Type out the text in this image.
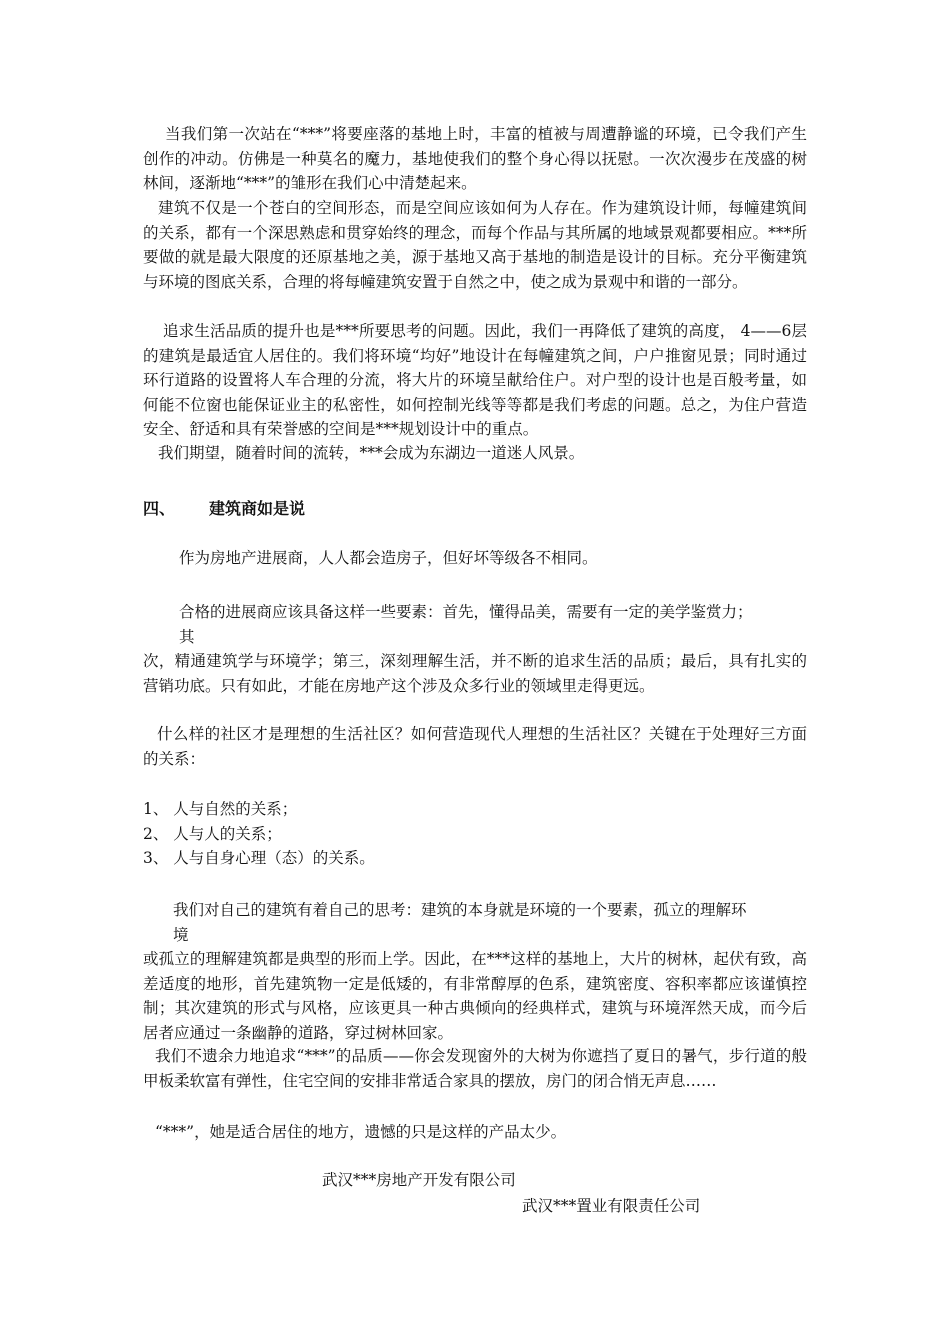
当我们第一次站在“***”将要座落的基地上时，丰富的植被与周遭静谧的环境，已令我们产生创作的冲动。仿佛是一种莫名的魔力，基地使我们的整个身心得以抚慰。一次次漫步在茂盛的树林间，逐渐地“***”的雏形在我们心中清楚起来。

建筑不仅是一个苍白的空间形态，而是空间应该如何为人存在。作为建筑设计师，每幢建筑间的关系，都有一个深思熟虑和贯穿始终的理念，而每个作品与其所属的地域景观都要相应。***所要做的就是最大限度的还原基地之美，源于基地又高于基地的制造是设计的目标。充分平衡建筑与环境的图底关系，合理的将每幢建筑安置于自然之中，使之成为景观中和谐的一部分。

追求生活品质的提升也是***所要思考的问题。因此，我们一再降低了建筑的高度， 4——6层的建筑是最适宜人居住的。我们将环境“均好”地设计在每幢建筑之间，户户推窗见景；同时通过环行道路的设置将人车合理的分流，将大片的环境呈献给住户。对户型的设计也是百般考量，如何能不位窗也能保证业主的私密性，如何控制光线等等都是我们考虑的问题。总之，为住户营造安全、舒适和具有荣誉感的空间是***规划设计中的重点。

我们期望，随着时间的流转，***会成为东湖边一道迷人风景。

四、 建筑商如是说

作为房地产进展商，人人都会造房子，但好坏等级各不相同。

合格的进展商应该具备这样一些要素：首先，懂得品美，需要有一定的美学鉴赏力；
其
次，精通建筑学与环境学；第三，深刻理解生活，并不断的追求生活的品质；最后，具有扎实的营销功底。只有如此，才能在房地产这个涉及众多行业的领域里走得更远。

什么样的社区才是理想的生活社区？如何营造现代人理想的生活社区？关键在于处理好三方面的关系：

1、 人与自然的关系；
2、 人与人的关系；
3、 人与自身心理（态）的关系。

我们对自己的建筑有着自己的思考：建筑的本身就是环境的一个要素，孤立的理解环
境
或孤立的理解建筑都是典型的形而上学。因此，在***这样的基地上，大片的树林，起伏有致，高差适度的地形，首先建筑物一定是低矮的，有非常醇厚的色系，建筑密度、容积率都应该谨慎控制；其次建筑的形式与风格，应该更具一种古典倾向的经典样式，建筑与环境浑然天成，而今后居者应通过一条幽静的道路，穿过树林回家。

我们不遗余力地追求“***”的品质——你会发现窗外的大树为你遮挡了夏日的暑气，步行道的般甲板柔软富有弹性，住宅空间的安排非常适合家具的摆放，房门的闭合悄无声息……

“***”，她是适合居住的地方，遗憾的只是这样的产品太少。

武汉***房地产开发有限公司
武汉***置业有限责任公司
